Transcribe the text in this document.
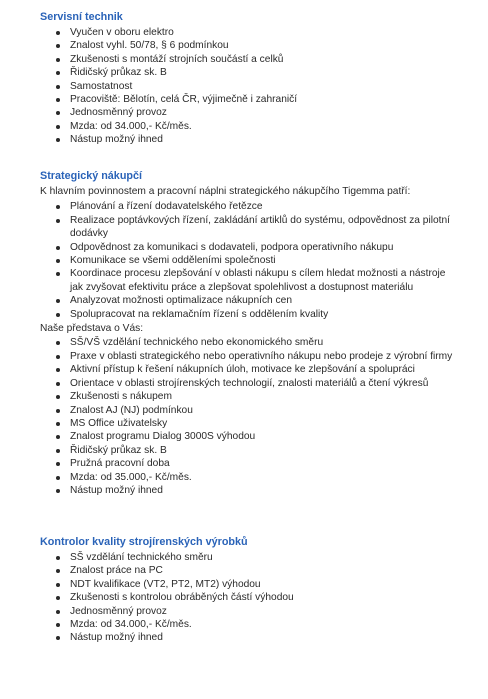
Servisní technik
Vyučen v oboru elektro
Znalost vyhl. 50/78, § 6 podmínkou
Zkušenosti s montáží strojních součástí a celků
Řidičský průkaz sk. B
Samostatnost
Pracoviště: Bělotín, celá ČR, výjimečně i zahraničí
Jednosměnný provoz
Mzda: od 34.000,- Kč/měs.
Nástup možný ihned
Strategický nákupčí

K hlavním povinnostem a pracovní náplni strategického nákupčího Tigemma patří:

Plánování a řízení dodavatelského řetězce
Realizace poptávkových řízení, zakládání artiklů do systému, odpovědnost za pilotní dodávky
Odpovědnost za komunikaci s dodavateli, podpora operativního nákupu
Komunikace se všemi odděleními společnosti
Koordinace procesu zlepšování v oblasti nákupu s cílem hledat možnosti a nástroje jak zvyšovat efektivitu práce a zlepšovat spolehlivost a dostupnost materiálu
Analyzovat možnosti optimalizace nákupních cen
Spolupracovat na reklamačním řízení s oddělením kvality

Naše představa o Vás:

SŠ/VŠ vzdělání technického nebo ekonomického směru
Praxe v oblasti strategického nebo operativního nákupu nebo prodeje z výrobní firmy
Aktivní přístup k řešení nákupních úloh, motivace ke zlepšování a spolupráci
Orientace v oblasti strojírenských technologií, znalosti materiálů a čtení výkresů
Zkušenosti s nákupem
Znalost AJ (NJ) podmínkou
MS Office uživatelsky
Znalost programu Dialog 3000S výhodou
Řidičský průkaz sk. B
Pružná pracovní doba
Mzda: od 35.000,- Kč/měs.
Nástup možný ihned
Kontrolor kvality strojírenských výrobků
SŠ vzdělání technického směru
Znalost práce na PC
NDT kvalifikace (VT2, PT2, MT2) výhodou
Zkušenosti s kontrolou obráběných částí výhodou
Jednosměnný provoz
Mzda: od 34.000,- Kč/měs.
Nástup možný ihned
